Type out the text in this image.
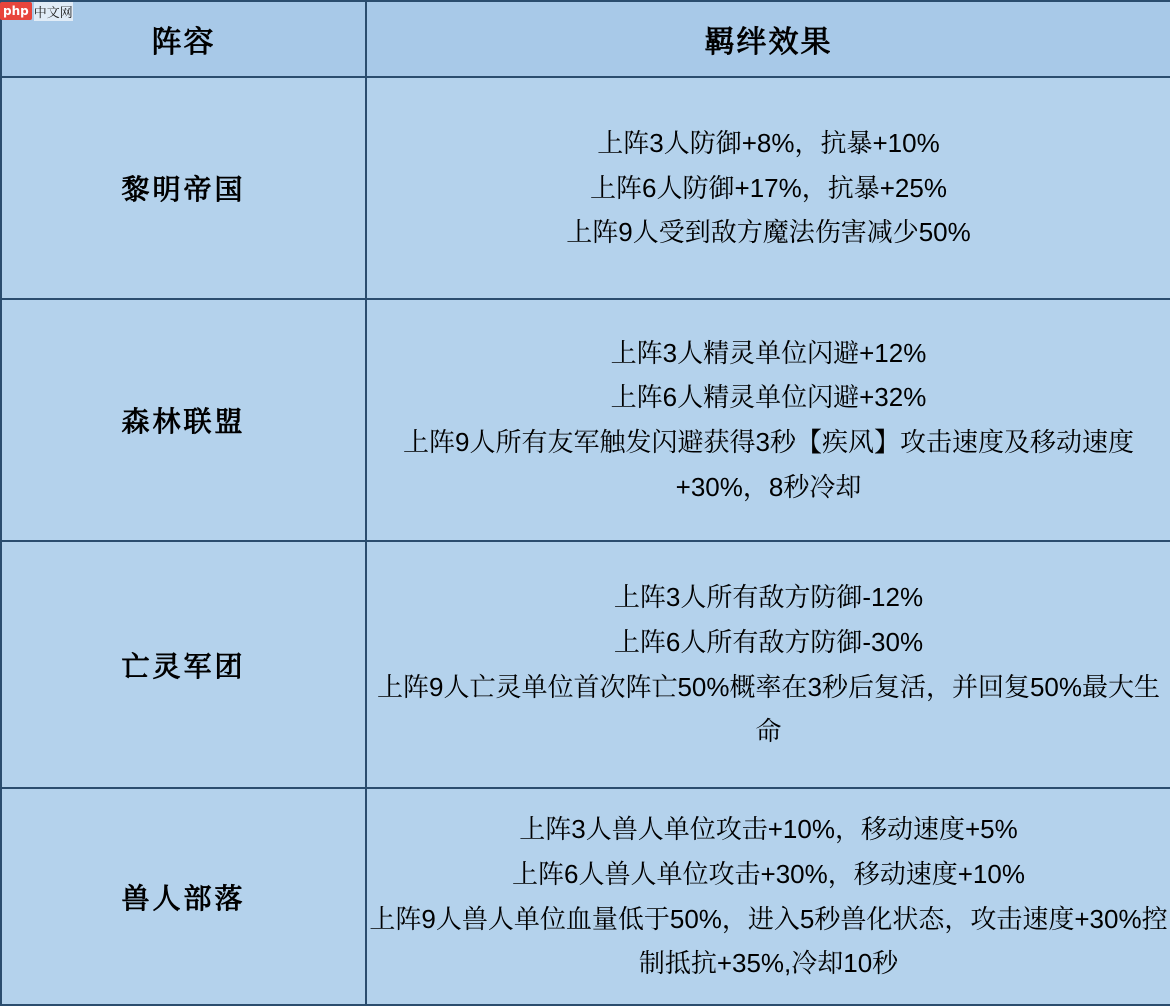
php 中文网
阵容	羁绊效果
黎明帝国	上阵3人防御+8%，抗暴+10%
上阵6人防御+17%，抗暴+25%
上阵9人受到敌方魔法伤害减少50%

森林联盟	上阵3人精灵单位闪避+12%
上阵6人精灵单位闪避+32%
上阵9人所有友军触发闪避获得3秒【疾风】攻击速度及移动速度+30%，8秒冷却

亡灵军团	上阵3人所有敌方防御-12%
上阵6人所有敌方防御-30%
上阵9人亡灵单位首次阵亡50%概率在3秒后复活，并回复50%最大生命

兽人部落	上阵3人兽人单位攻击+10%，移动速度+5%
上阵6人兽人单位攻击+30%，移动速度+10%
上阵9人兽人单位血量低于50%，进入5秒兽化状态，攻击速度+30%控制抵抗+35%,冷却10秒
